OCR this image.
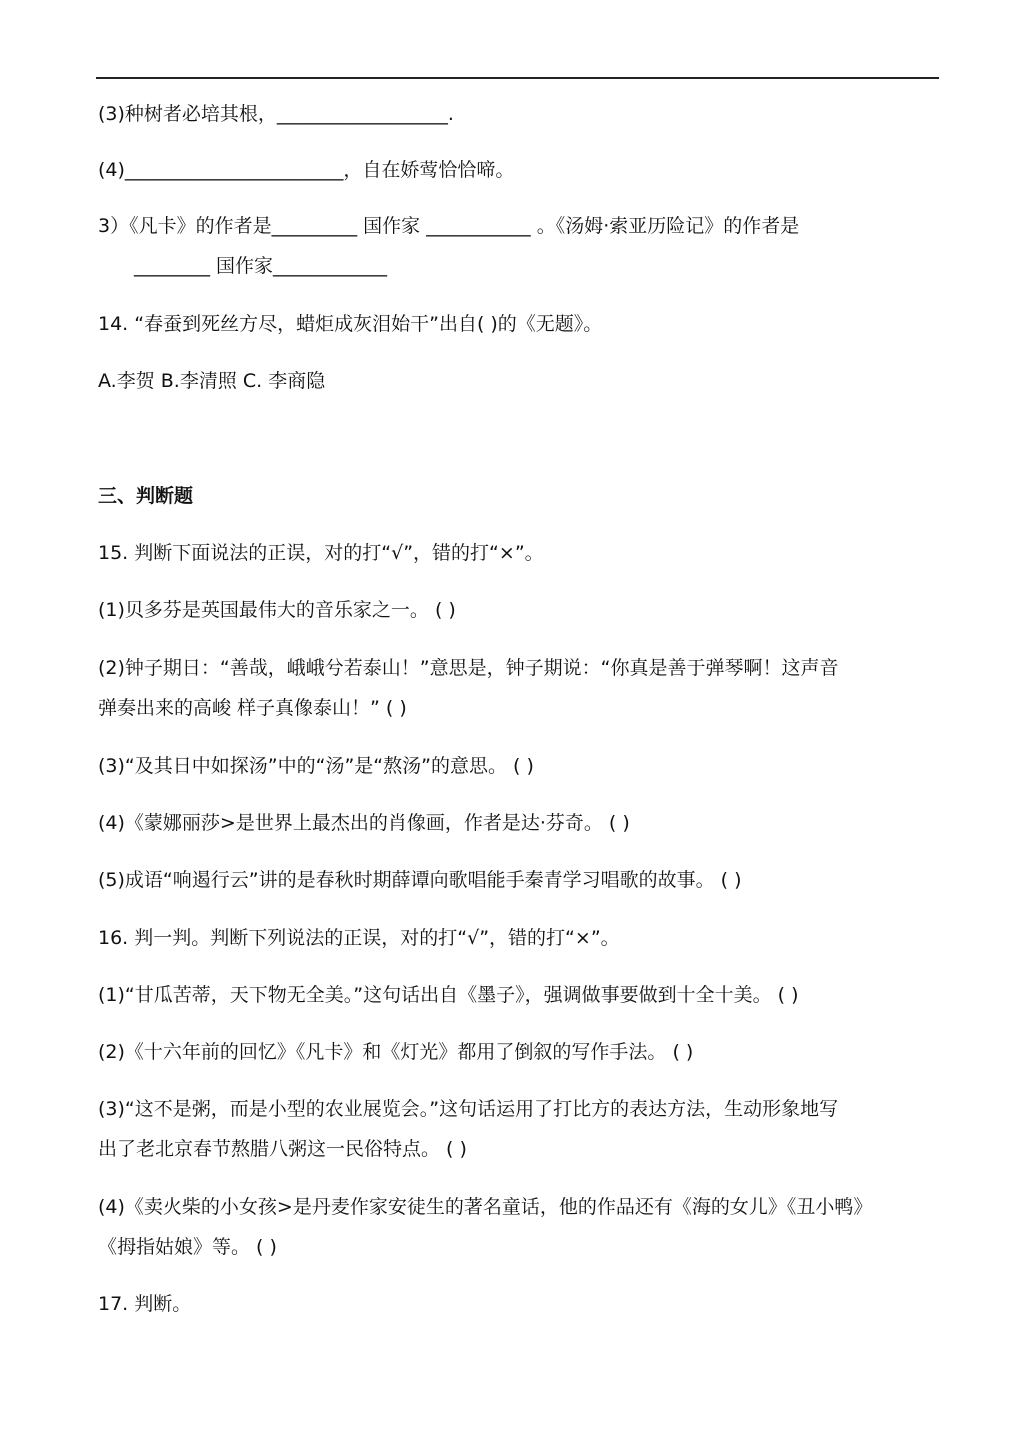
(3)种树者必培其根，__________________.
(4)_______________________，自在娇莺恰恰啼。
3）《凡卡》的作者是_________ 国作家 ___________ 。《汤姆·索亚历险记》的作者是
________ 国作家____________
14. “春蚕到死丝方尽，蜡炬成灰泪始干”出自( )的《无题》。
A.李贺 B.李清照 C. 李商隐
三、判断题
15. 判断下面说法的正误，对的打“√”，错的打“×”。
(1)贝多芬是英国最伟大的音乐家之一。 ( )
(2)钟子期日：“善哉，峨峨兮若泰山！”意思是，钟子期说：“你真是善于弹琴啊！这声音
弹奏出来的高峻 样子真像泰山！” ( )
(3)“及其日中如探汤”中的“汤”是“熬汤”的意思。 ( )
(4)《蒙娜丽莎>是世界上最杰出的肖像画，作者是达·芬奇。 ( )
(5)成语“响遏行云”讲的是春秋时期薛谭向歌唱能手秦青学习唱歌的故事。 ( )
16. 判一判。判断下列说法的正误，对的打“√”，错的打“×”。
(1)“甘瓜苦蒂，天下物无全美。”这句话出自《墨子》，强调做事要做到十全十美。 ( )
(2)《十六年前的回忆》《凡卡》和《灯光》都用了倒叙的写作手法。 ( )
(3)“这不是粥，而是小型的农业展览会。”这句话运用了打比方的表达方法，生动形象地写
出了老北京春节熬腊八粥这一民俗特点。 ( )
(4)《卖火柴的小女孩>是丹麦作家安徒生的著名童话，他的作品还有《海的女儿》《丑小鸭》
《拇指姑娘》等。 ( )
17. 判断。
